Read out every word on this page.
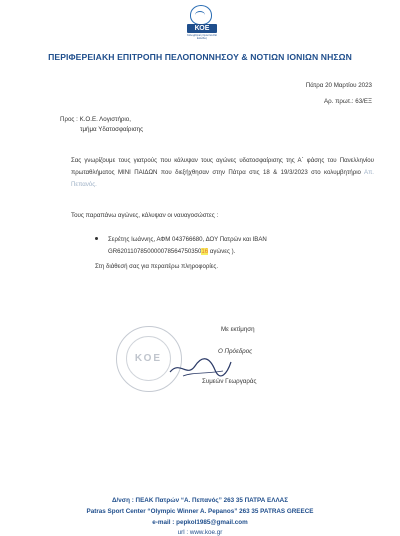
ΚΟΕ
Κολυμβητική Ομοσπονδία Ελλάδος
ΠΕΡΙΦΕΡΕΙΑΚΗ ΕΠΙΤΡΟΠΗ ΠΕΛΟΠΟΝΝΗΣΟΥ & ΝΟΤΙΩΝ ΙΟΝΙΩΝ ΝΗΣΩΝ
Πάτρα 20 Μαρτίου 2023
Αρ. πρωτ.: 63/ΕΞ
Προς : Κ.Ο.Ε. Λογιστήριο,
τμήμα Υδατοσφαίρισης
Σας γνωρίζουμε τους γιατρούς που κάλυψαν τους αγώνες υδατοσφαίρισης της Α΄ φάσης του Πανελληνίου πρωταθλήματος MINI ΠΑΙΔΩΝ που διεξήχθησαν στην Πάτρα στις 18 & 19/3/2023 στο κολυμβητήριο Απ. Πεπανός.
Τους παραπάνω αγώνες, κάλυψαν οι ναυαγοσώστες :
Σερέτης Ιωάννης, ΑΦΜ 043766680, ΔΟΥ Πατρών και IBAN
GR620110785000007856475035016 αγώνες ).
Στη διάθεσή σας για περαιτέρω πληροφορίες.
ΚΟΕ
Με εκτίμηση
Ο Πρόεδρος
Συμεών Γεωργαράς
Δ/νση : ΠΕΑΚ Πατρών “Α. Πεπανός” 263 35 ΠΑΤΡΑ ΕΛΛΑΣ
Patras Sport Center “Olympic Winner A. Pepanos” 263 35 PATRAS GREECE
e-mail : pepkol1985@gmail.com
url : www.koe.gr
